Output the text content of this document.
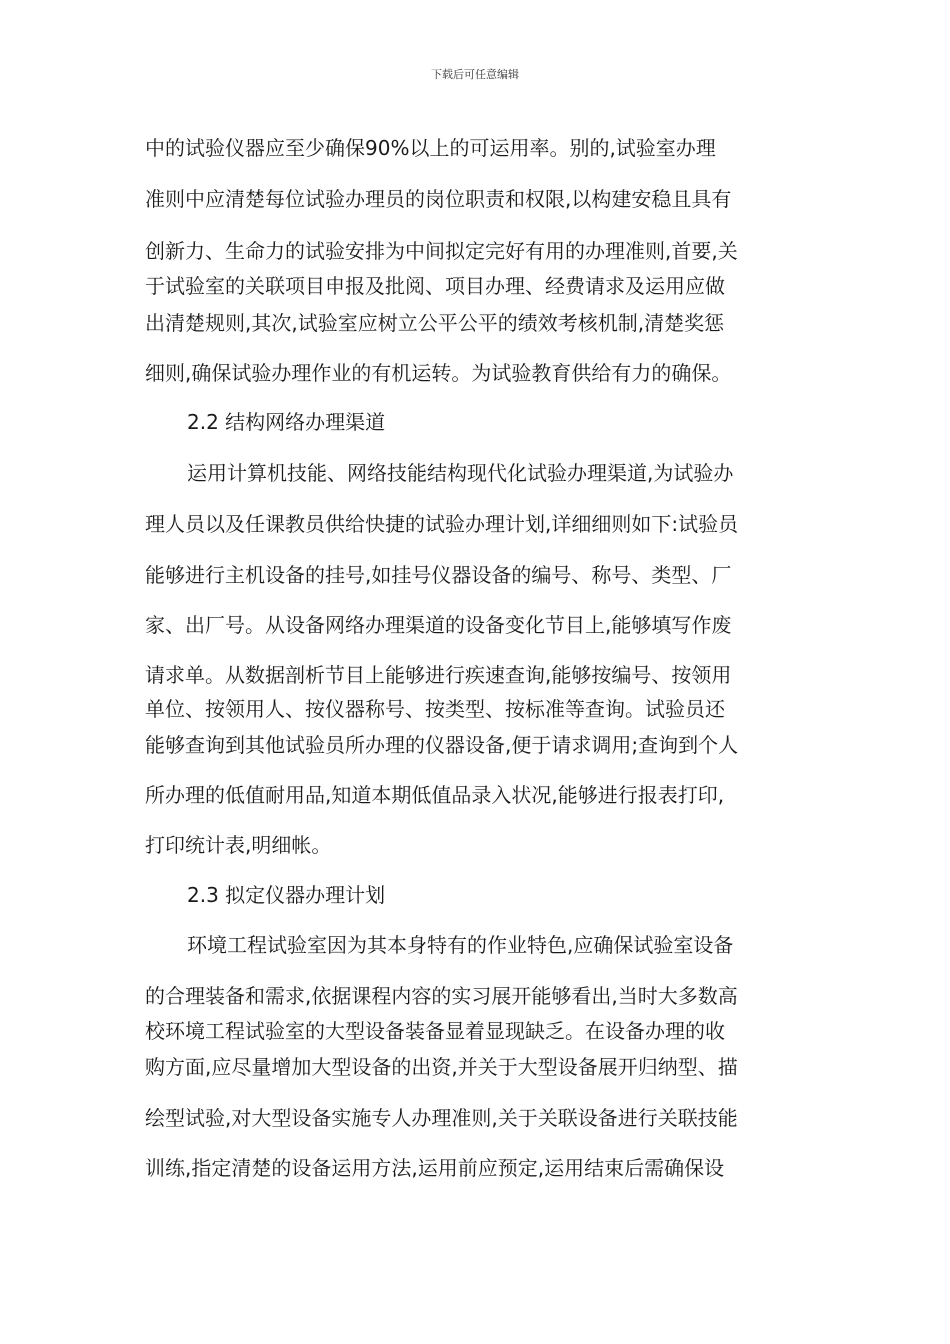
下载后可任意编辑
中的试验仪器应至少确保90%以上的可运用率。别的,试验室办理
准则中应清楚每位试验办理员的岗位职责和权限,以构建安稳且具有
创新力、生命力的试验安排为中间拟定完好有用的办理准则,首要,关
于试验室的关联项目申报及批阅、项目办理、经费请求及运用应做
出清楚规则,其次,试验室应树立公平公平的绩效考核机制,清楚奖惩
细则,确保试验办理作业的有机运转。为试验教育供给有力的确保。
2.2 结构网络办理渠道
运用计算机技能、网络技能结构现代化试验办理渠道,为试验办
理人员以及任课教员供给快捷的试验办理计划,详细细则如下:试验员
能够进行主机设备的挂号,如挂号仪器设备的编号、称号、类型、厂
家、出厂号。从设备网络办理渠道的设备变化节目上,能够填写作废
请求单。从数据剖析节目上能够进行疾速查询,能够按编号、按领用
单位、按领用人、按仪器称号、按类型、按标准等查询。试验员还
能够查询到其他试验员所办理的仪器设备,便于请求调用;查询到个人
所办理的低值耐用品,知道本期低值品录入状况,能够进行报表打印,
打印统计表,明细帐。
2.3 拟定仪器办理计划
环境工程试验室因为其本身特有的作业特色,应确保试验室设备
的合理装备和需求,依据课程内容的实习展开能够看出,当时大多数高
校环境工程试验室的大型设备装备显着显现缺乏。在设备办理的收
购方面,应尽量增加大型设备的出资,并关于大型设备展开归纳型、描
绘型试验,对大型设备实施专人办理准则,关于关联设备进行关联技能
训练,指定清楚的设备运用方法,运用前应预定,运用结束后需确保设
